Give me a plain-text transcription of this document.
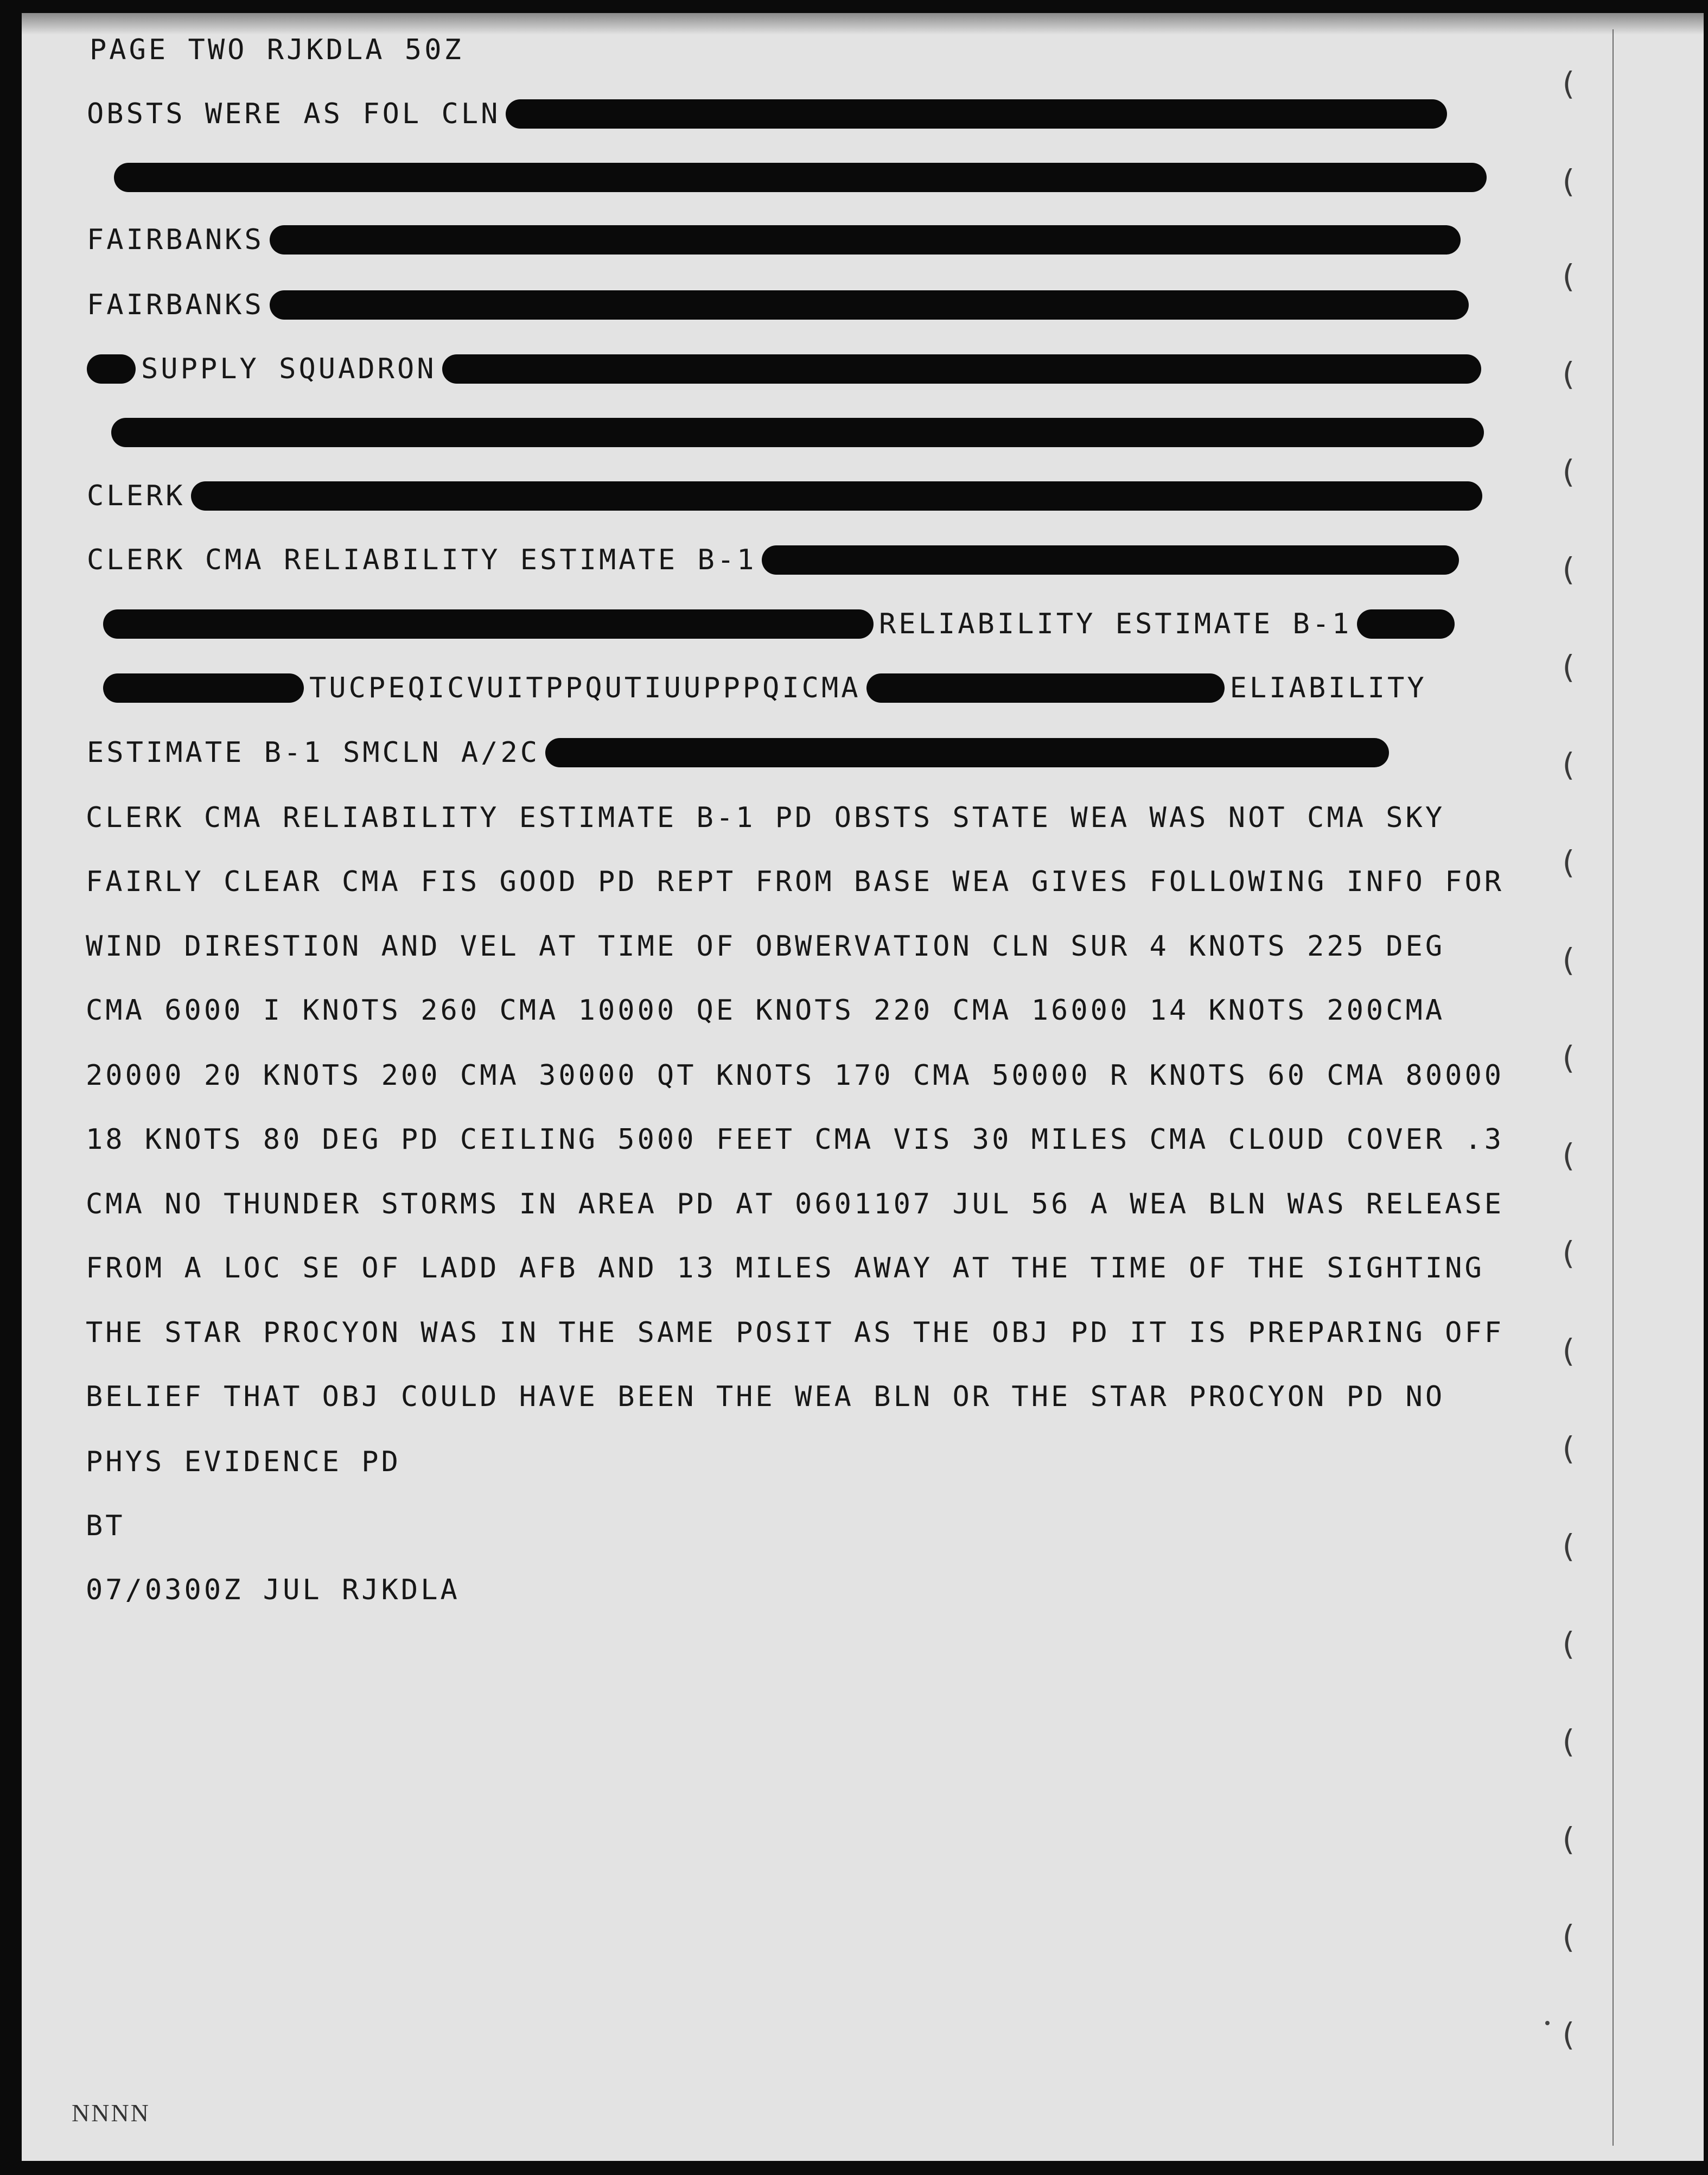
(
(
(
(
(
(
(
(
(
(
(
(
(
(
(
(
(
(
(
(
(
PAGE TWO RJKDLA 50Z
OBSTS WERE AS FOL CLN
FAIRBANKS
FAIRBANKS
SUPPLY SQUADRON
CLERK
CLERK CMA RELIABILITY ESTIMATE B-1
RELIABILITY ESTIMATE B-1
TUCPEQICVUITPPQUTIUUPPPQICMA	ELIABILITY
ESTIMATE B-1 SMCLN A/2C
CLERK CMA RELIABILITY ESTIMATE B-1 PD OBSTS STATE WEA WAS NOT CMA SKY
FAIRLY CLEAR CMA FIS GOOD PD REPT FROM BASE WEA GIVES FOLLOWING INFO FOR
WIND DIRESTION AND VEL AT TIME OF OBWERVATION CLN SUR 4 KNOTS 225 DEG
CMA 6000 I KNOTS 260 CMA 10000 QE KNOTS 220 CMA 16000 14 KNOTS 200CMA
20000 20 KNOTS 200 CMA 30000 QT KNOTS 170 CMA 50000 R KNOTS 60 CMA 80000
18 KNOTS 80 DEG PD CEILING 5000 FEET CMA VIS 30 MILES CMA CLOUD COVER .3
CMA NO THUNDER STORMS IN AREA PD AT 0601107 JUL 56 A WEA BLN WAS RELEASE
FROM A LOC SE OF LADD AFB AND 13 MILES AWAY AT THE TIME OF THE SIGHTING
THE STAR PROCYON WAS IN THE SAME POSIT AS THE OBJ PD IT IS PREPARING OFF
BELIEF THAT OBJ COULD HAVE BEEN THE WEA BLN OR THE STAR PROCYON PD NO
PHYS EVIDENCE PD
BT
07/0300Z JUL RJKDLA
NNNN
